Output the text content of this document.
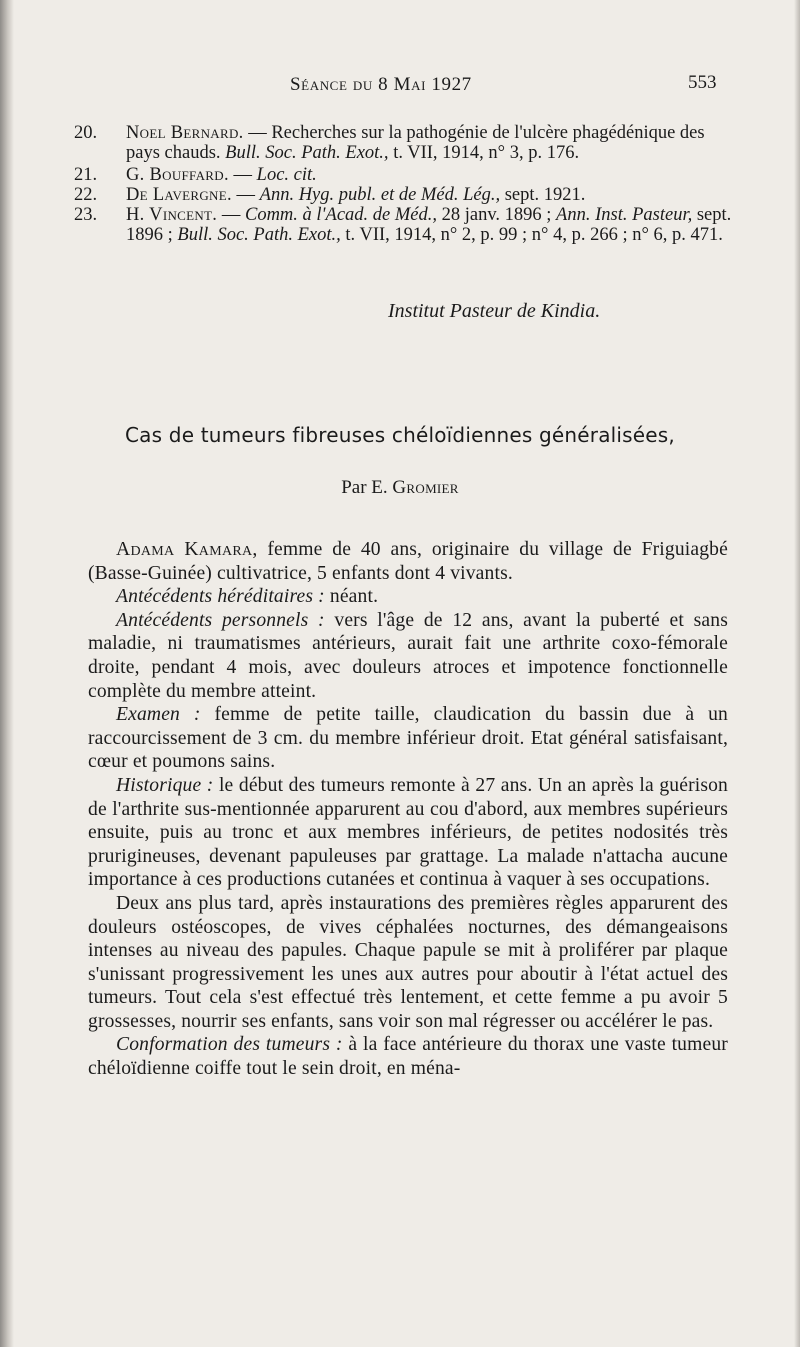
Séance du 8 Mai 1927	553

20.	Noel Bernard. — Recherches sur la pathogénie de l'ulcère phagédénique des pays chauds. Bull. Soc. Path. Exot., t. VII, 1914, n° 3, p. 176.

21.	G. Bouffard. — Loc. cit.

22.	De Lavergne. — Ann. Hyg. publ. et de Méd. Lég., sept. 1921.

23.	H. Vincent. — Comm. à l'Acad. de Méd., 28 janv. 1896 ; Ann. Inst. Pasteur, sept. 1896 ; Bull. Soc. Path. Exot., t. VII, 1914, n° 2, p. 99 ; n° 4, p. 266 ; n° 6, p. 471.

Institut Pasteur de Kindia.
Cas de tumeurs fibreuses chéloïdiennes généralisées,
Par E. Gromier

Adama Kamara, femme de 40 ans, originaire du village de Friguiagbé (Basse-Guinée) cultivatrice, 5 enfants dont 4 vivants.

Antécédents héréditaires : néant.

Antécédents personnels : vers l'âge de 12 ans, avant la puberté et sans maladie, ni traumatismes antérieurs, aurait fait une arthrite coxo-fémorale droite, pendant 4 mois, avec douleurs atroces et impotence fonctionnelle complète du membre atteint.

Examen : femme de petite taille, claudication du bassin due à un raccourcissement de 3 cm. du membre inférieur droit. Etat général satisfaisant, cœur et poumons sains.

Historique : le début des tumeurs remonte à 27 ans. Un an après la guérison de l'arthrite sus-mentionnée apparurent au cou d'abord, aux membres supérieurs ensuite, puis au tronc et aux membres inférieurs, de petites nodosités très prurigineuses, devenant papuleuses par grattage. La malade n'attacha aucune importance à ces productions cutanées et continua à vaquer à ses occupations.

Deux ans plus tard, après instaurations des premières règles apparurent des douleurs ostéoscopes, de vives céphalées nocturnes, des démangeaisons intenses au niveau des papules. Chaque papule se mit à proliférer par plaque s'unissant progressivement les unes aux autres pour aboutir à l'état actuel des tumeurs. Tout cela s'est effectué très lentement, et cette femme a pu avoir 5 grossesses, nourrir ses enfants, sans voir son mal régresser ou accélérer le pas.

Conformation des tumeurs : à la face antérieure du thorax une vaste tumeur chéloïdienne coiffe tout le sein droit, en ména-
